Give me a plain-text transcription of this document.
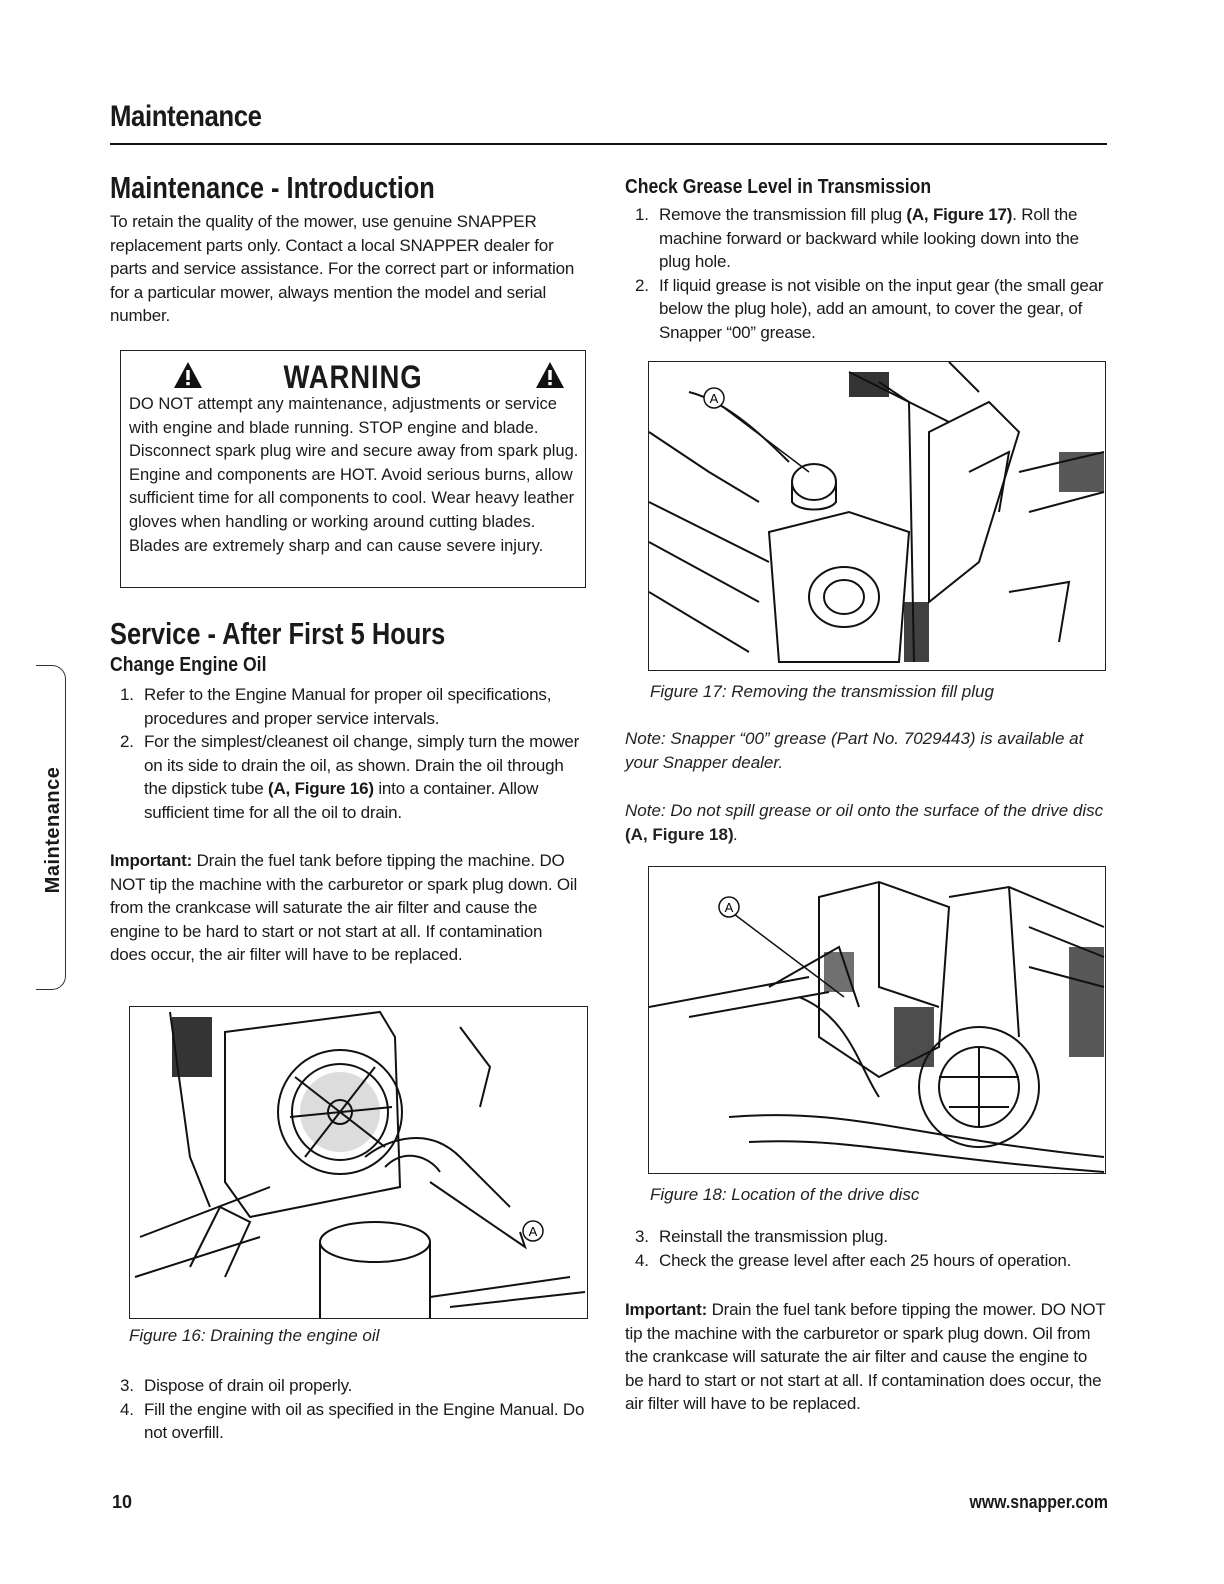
Maintenance
Maintenance
Maintenance - Introduction
To retain the quality of the mower, use genuine SNAPPER replacement parts only. Contact a local SNAPPER dealer for parts and service assistance. For the correct part or information for a particular mower, always mention the model and serial number.
WARNING
DO NOT attempt any maintenance, adjustments or service with engine and blade running. STOP engine and blade. Disconnect spark plug wire and secure away from spark plug. Engine and components are HOT. Avoid serious burns, allow sufficient time for all components to cool. Wear heavy leather gloves when handling or working around cutting blades. Blades are extremely sharp and can cause severe injury.
Service - After First 5 Hours
Change Engine Oil
1. Refer to the Engine Manual for proper oil specifications, procedures and proper service intervals.
2. For the simplest/cleanest oil change, simply turn the mower on its side to drain the oil, as shown. Drain the oil through the dipstick tube (A, Figure 16) into a container. Allow sufficient time for all the oil to drain.
Important: Drain the fuel tank before tipping the machine. DO NOT tip the machine with the carburetor or spark plug down. Oil from the crankcase will saturate the air filter and cause the engine to be hard to start or not start at all. If contamination does occur, the air filter will have to be replaced.
A
Figure 16: Draining the engine oil
3. Dispose of drain oil properly.
4. Fill the engine with oil as specified in the Engine Manual. Do not overfill.
Check Grease Level in Transmission
1. Remove the transmission fill plug (A, Figure 17). Roll the machine forward or backward while looking down into the plug hole.
2. If liquid grease is not visible on the input gear (the small gear below the plug hole), add an amount, to cover the gear, of Snapper “00” grease.
A
Figure 17: Removing the transmission fill plug
Note: Snapper “00” grease (Part No. 7029443) is available at your Snapper dealer.
Note: Do not spill grease or oil onto the surface of the drive disc (A, Figure 18).
A
Figure 18: Location of the drive disc
3. Reinstall the transmission plug.
4. Check the grease level after each 25 hours of operation.
Important: Drain the fuel tank before tipping the mower. DO NOT tip the machine with the carburetor or spark plug down. Oil from the crankcase will saturate the air filter and cause the engine to be hard to start or not start at all. If contamination does occur, the air filter will have to be replaced.
10	www.snapper.com
